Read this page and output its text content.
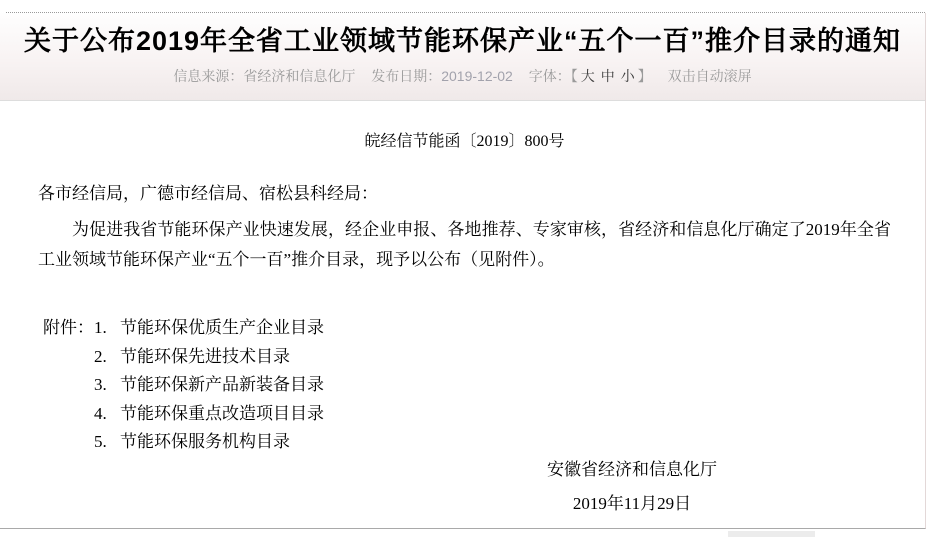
关于公布2019年全省工业领域节能环保产业“五个一百”推介目录的通知
信息来源：省经济和信息化厅 发布日期：2019-12-02 字体：【 大 中 小 】 双击自动滚屏
皖经信节能函〔2019〕800号
各市经信局，广德市经信局、宿松县科经局：
为促进我省节能环保产业快速发展，经企业申报、各地推荐、专家审核，省经济和信息化厅确定了2019年全省工业领域节能环保产业“五个一百”推介目录，现予以公布（见附件）。
附件： 1. 节能环保优质生产企业目录
2. 节能环保先进技术目录
3. 节能环保新产品新装备目录
4. 节能环保重点改造项目目录
5. 节能环保服务机构目录
安徽省经济和信息化厅
2019年11月29日
